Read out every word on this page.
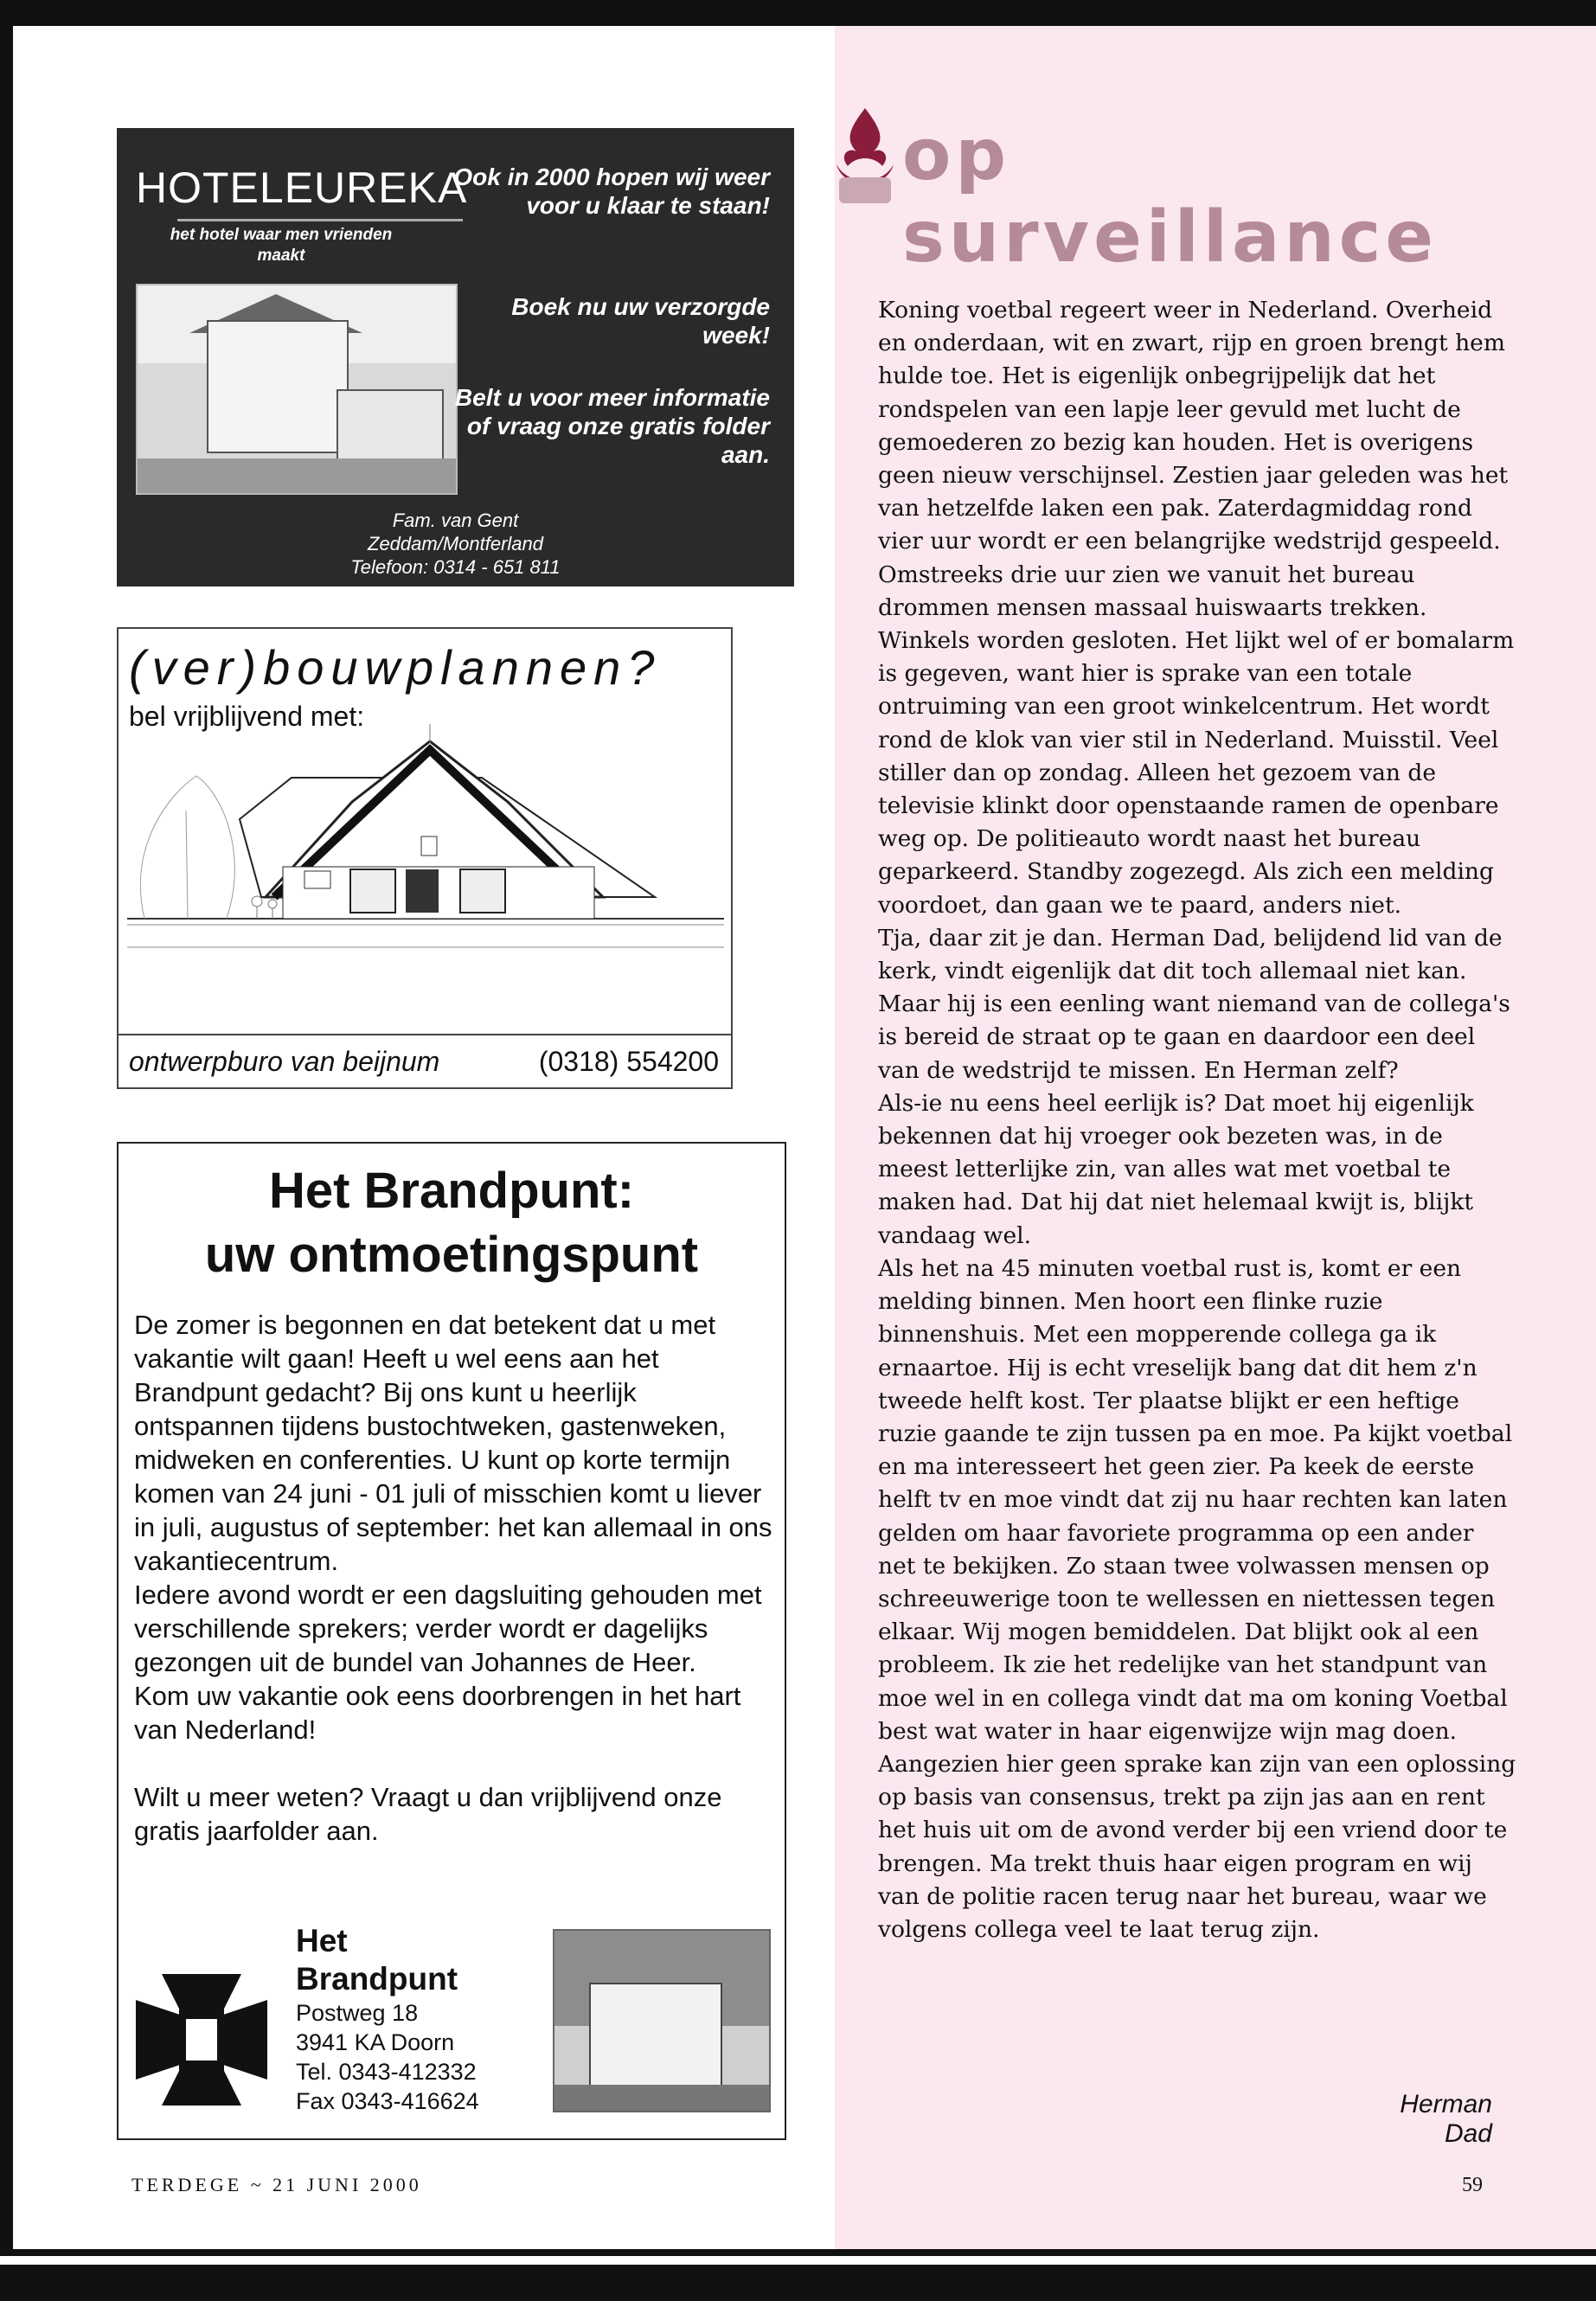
HOTELEUREKA
het hotel waar men vrienden maakt
Ook in 2000 hopen wij weer voor u klaar te staan!
Boek nu uw verzorgde week!
Belt u voor meer informatie of vraag onze gratis folder aan.
Fam. van Gent
Zeddam/Montferland
Telefoon: 0314 - 651 811
(ver)bouwplannen?
bel vrijblijvend met:
ontwerpburo van beijnum	(0318) 554200
Het Brandpunt:
uw ontmoetingspunt

De zomer is begonnen en dat betekent dat u met vakantie wilt gaan! Heeft u wel eens aan het Brandpunt gedacht? Bij ons kunt u heerlijk ontspannen tijdens bustochtweken, gastenweken, midweken en conferenties. U kunt op korte termijn komen van 24 juni - 01 juli of misschien komt u liever in juli, augustus of september: het kan allemaal in ons vakantiecentrum.

Iedere avond wordt er een dagsluiting gehouden met verschillende sprekers; verder wordt er dagelijks gezongen uit de bundel van Johannes de Heer.

Kom uw vakantie ook eens doorbrengen in het hart van Nederland!

Wilt u meer weten? Vraagt u dan vrijblijvend onze gratis jaarfolder aan.

Het
Brandpunt
Postweg 18
3941 KA Doorn
Tel. 0343-412332
Fax 0343-416624
op surveillance

Koning voetbal regeert weer in Nederland. Overheid en onderdaan, wit en zwart, rijp en groen brengt hem hulde toe. Het is eigenlijk onbegrijpelijk dat het rondspelen van een lapje leer gevuld met lucht de gemoederen zo bezig kan houden. Het is overigens geen nieuw verschijnsel. Zestien jaar geleden was het van hetzelfde laken een pak. Zaterdagmiddag rond vier uur wordt er een belangrijke wedstrijd gespeeld. Omstreeks drie uur zien we vanuit het bureau drommen mensen massaal huiswaarts trekken. Winkels worden gesloten. Het lijkt wel of er bomalarm is gegeven, want hier is sprake van een totale ontruiming van een groot winkelcentrum. Het wordt rond de klok van vier stil in Nederland. Muisstil. Veel stiller dan op zondag. Alleen het gezoem van de televisie klinkt door openstaande ramen de openbare weg op. De politieauto wordt naast het bureau geparkeerd. Standby zogezegd. Als zich een melding voordoet, dan gaan we te paard, anders niet.

Tja, daar zit je dan. Herman Dad, belijdend lid van de kerk, vindt eigenlijk dat dit toch allemaal niet kan. Maar hij is een eenling want niemand van de collega's is bereid de straat op te gaan en daardoor een deel van de wedstrijd te missen. En Herman zelf?

Als-ie nu eens heel eerlijk is? Dat moet hij eigenlijk bekennen dat hij vroeger ook bezeten was, in de meest letterlijke zin, van alles wat met voetbal te maken had. Dat hij dat niet helemaal kwijt is, blijkt vandaag wel.

Als het na 45 minuten voetbal rust is, komt er een melding binnen. Men hoort een flinke ruzie binnenshuis. Met een mopperende collega ga ik ernaartoe. Hij is echt vreselijk bang dat dit hem z'n tweede helft kost. Ter plaatse blijkt er een heftige ruzie gaande te zijn tussen pa en moe. Pa kijkt voetbal en ma interesseert het geen zier. Pa keek de eerste helft tv en moe vindt dat zij nu haar rechten kan laten gelden om haar favoriete programma op een ander net te bekijken. Zo staan twee volwassen mensen op schreeuwerige toon te wellessen en niettessen tegen elkaar. Wij mogen bemiddelen. Dat blijkt ook al een probleem. Ik zie het redelijke van het standpunt van moe wel in en collega vindt dat ma om koning Voetbal best wat water in haar eigenwijze wijn mag doen. Aangezien hier geen sprake kan zijn van een oplossing op basis van consensus, trekt pa zijn jas aan en rent het huis uit om de avond verder bij een vriend door te brengen. Ma trekt thuis haar eigen program en wij van de politie racen terug naar het bureau, waar we volgens collega veel te laat terug zijn.

Herman Dad
TERDEGE ~ 21 JUNI 2000	59
